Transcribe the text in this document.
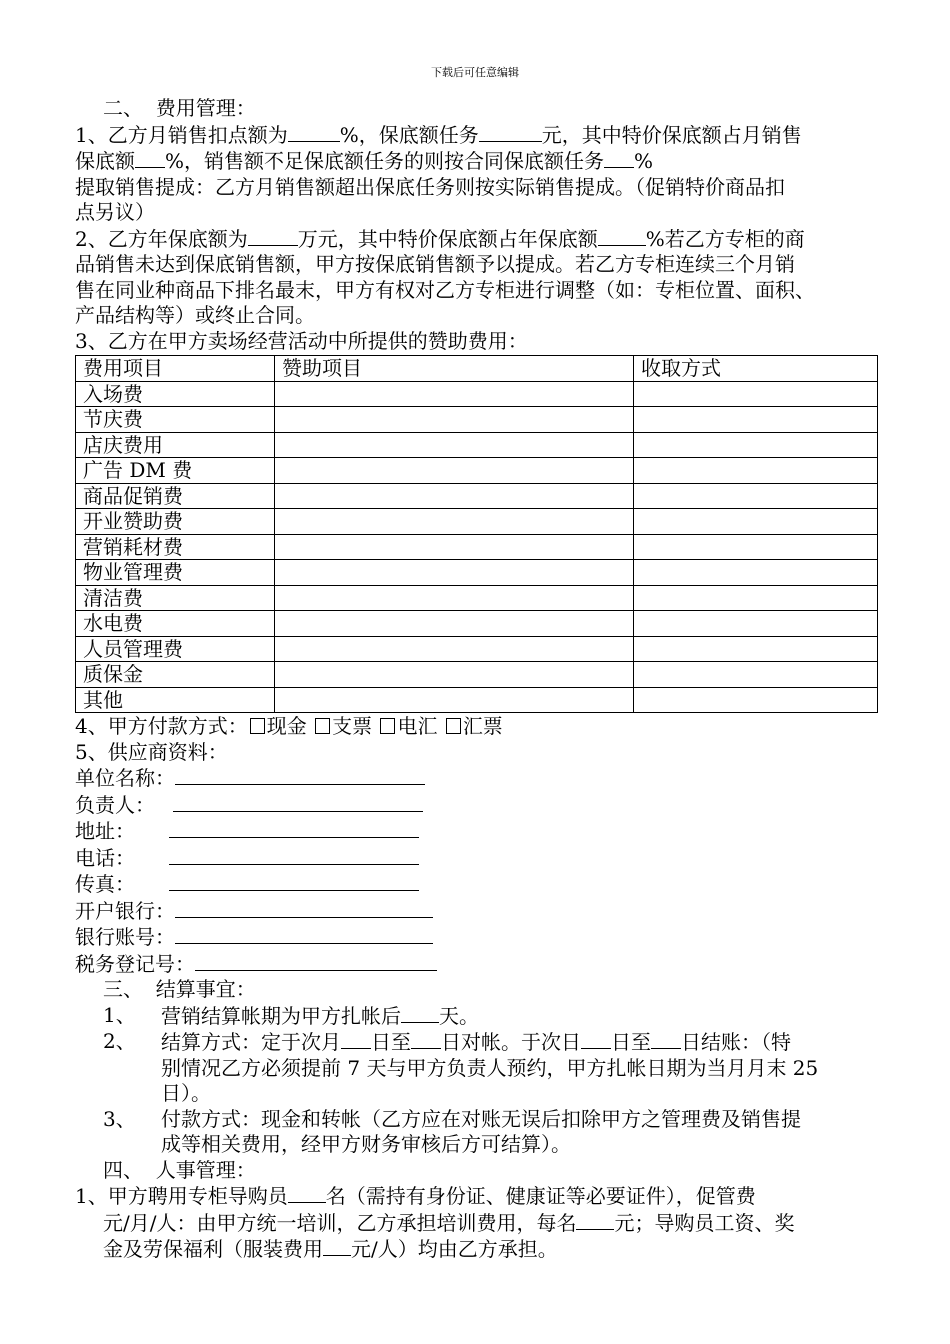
下载后可任意编辑

二、  费用管理：

1、乙方月销售扣点额为	%，保底额任务	元，其中特价保底额占月销售

保底额 %，销售额不足保底额任务的则按合同保底额任务 %

提取销售提成：乙方月销售额超出保底任务则按实际销售提成。（促销特价商品扣

点另议）

2、乙方年保底额为	万元，其中特价保底额占年保底额 %若乙方专柜的商

品销售未达到保底销售额，甲方按保底销售额予以提成。若乙方专柜连续三个月销

售在同业种商品下排名最末，甲方有权对乙方专柜进行调整（如：专柜位置、面积、

产品结构等）或终止合同。

3、乙方在甲方卖场经营活动中所提供的赞助费用：

费用项目	赞助项目	收取方式
入场费		
节庆费		
店庆费用		
广告 DM 费		
商品促销费		
开业赞助费		
营销耗材费		
物业管理费		
清洁费		
水电费		
人员管理费		
质保金		
其他		

4、甲方付款方式： 现金 支票 电汇 汇票

5、供应商资料：

单位名称：

负责人：

地址：

电话：

传真：

开户银行：

银行账号：

税务登记号：

三、  结算事宜：

1、	营销结算帐期为甲方扎帐后 天。
2、	结算方式：定于次月 日至 日对帐。于次日 日至 日结账：（特
别情况乙方必须提前 7 天与甲方负责人预约，甲方扎帐日期为当月月末 25
日）。
3、	付款方式：现金和转帐（乙方应在对账无误后扣除甲方之管理费及销售提
成等相关费用，经甲方财务审核后方可结算）。

四、  人事管理：

1、甲方聘用专柜导购员 名（需持有身份证、健康证等必要证件），促管费

元/月/人：由甲方统一培训，乙方承担培训费用，每名 元；导购员工资、奖

金及劳保福利（服装费用 元/人）均由乙方承担。
